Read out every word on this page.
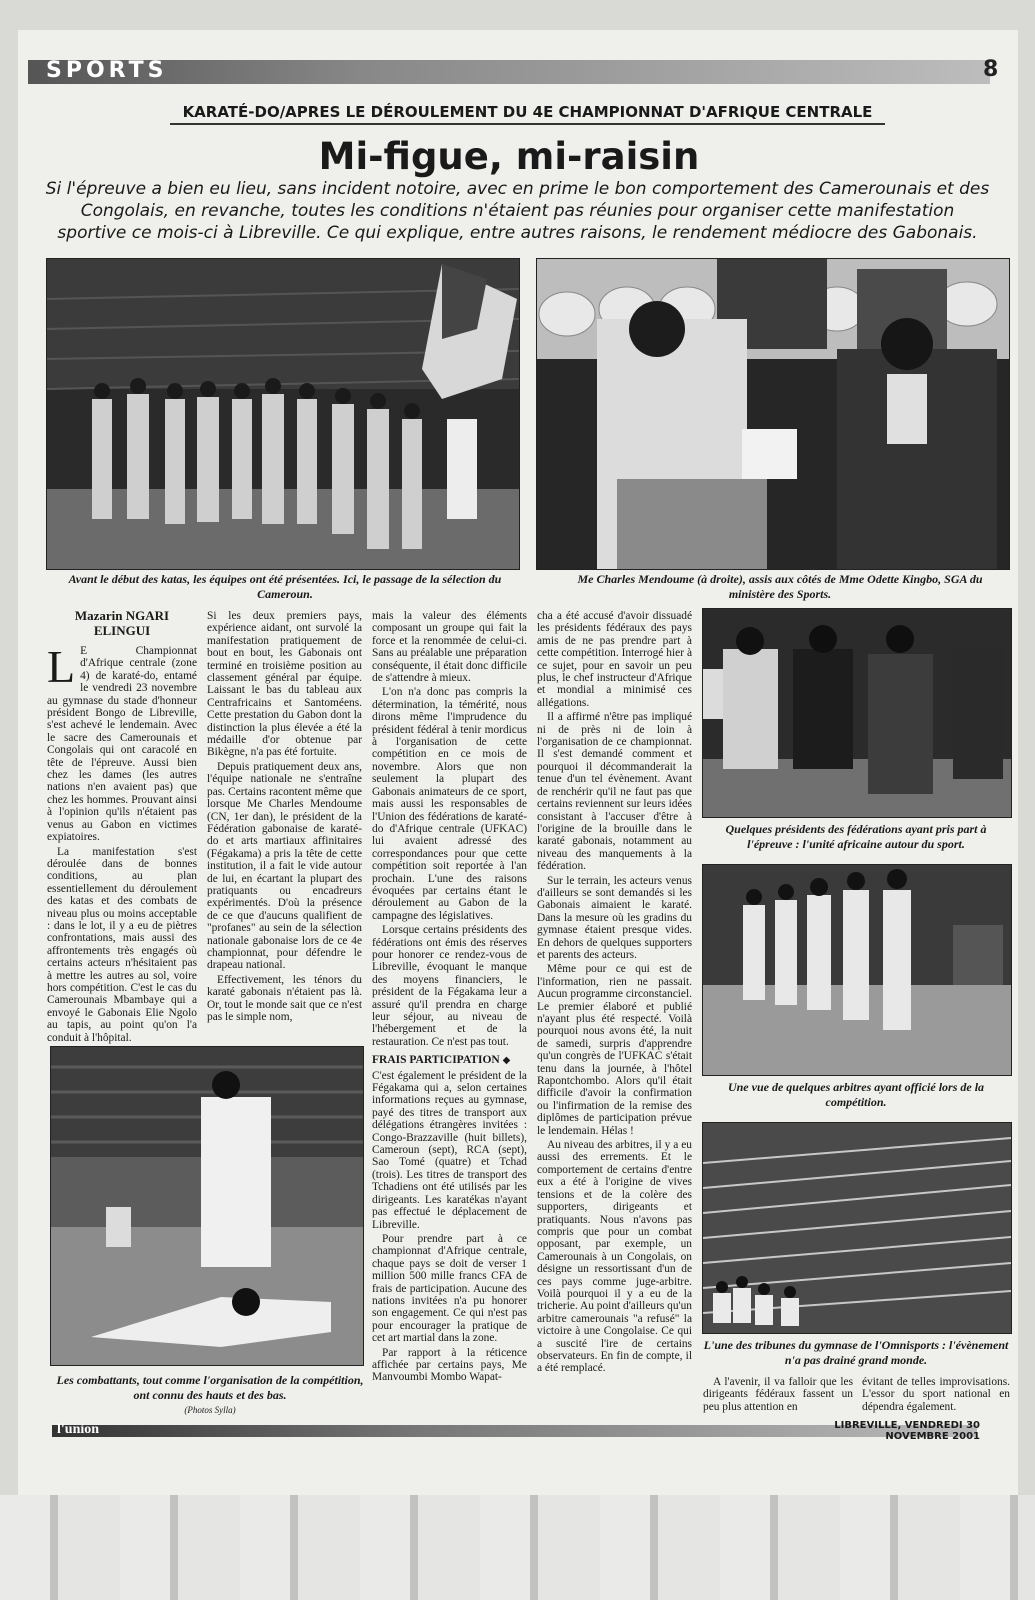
SPORTS	8
KARATÉ-DO/APRES LE DÉROULEMENT DU 4E CHAMPIONNAT D'AFRIQUE CENTRALE
Mi-figue, mi-raisin
Si l'épreuve a bien eu lieu, sans incident notoire, avec en prime le bon comportement des Camerounais et des Congolais, en revanche, toutes les conditions n'étaient pas réunies pour organiser cette manifestation sportive ce mois-ci à Libreville. Ce qui explique, entre autres raisons, le rendement médiocre des Gabonais.
Avant le début des katas, les équipes ont été présentées. Ici, le passage de la sélection du Cameroun.
Me Charles Mendoume (à droite), assis aux côtés de Mme Odette Kingbo, SGA du ministère des Sports.
Mazarin NGARI ELINGUI

L E Championnat d'Afrique centrale (zone 4) de karaté-do, entamé le vendredi 23 novembre au gymnase du stade d'honneur président Bongo de Libreville, s'est achevé le lendemain. Avec le sacre des Camerounais et Congolais qui ont caracolé en tête de l'épreuve. Aussi bien chez les dames (les autres nations n'en avaient pas) que chez les hommes. Prouvant ainsi à l'opinion qu'ils n'étaient pas venus au Gabon en victimes expiatoires.

La manifestation s'est déroulée dans de bonnes conditions, au plan essentiellement du déroulement des katas et des combats de niveau plus ou moins acceptable : dans le lot, il y a eu de piètres confrontations, mais aussi des affrontements très engagés où certains acteurs n'hésitaient pas à mettre les autres au sol, voire hors compétition. C'est le cas du Camerounais Mbambaye qui a envoyé le Gabonais Elie Ngolo au tapis, au point qu'on l'a conduit à l'hôpital.

Si les deux premiers pays, expérience aidant, ont survolé la manifestation pratiquement de bout en bout, les Gabonais ont terminé en troisième position au classement général par équipe. Laissant le bas du tableau aux Centrafricains et Santoméens. Cette prestation du Gabon dont la distinction la plus élevée a été la médaille d'or obtenue par Bikègne, n'a pas été fortuite.

Depuis pratiquement deux ans, l'équipe nationale ne s'entraîne pas. Certains racontent même que lorsque Me Charles Mendoume (CN, 1er dan), le président de la Fédération gabonaise de karaté-do et arts martiaux affinitaires (Fégakama) a pris la tête de cette institution, il a fait le vide autour de lui, en écartant la plupart des pratiquants ou encadreurs expérimentés. D'où la présence de ce que d'aucuns qualifient de "profanes" au sein de la sélection nationale gabonaise lors de ce 4e championnat, pour défendre le drapeau national.

Effectivement, les ténors du karaté gabonais n'étaient pas là. Or, tout le monde sait que ce n'est pas le simple nom,

mais la valeur des éléments composant un groupe qui fait la force et la renommée de celui-ci. Sans au préalable une préparation conséquente, il était donc difficile de s'attendre à mieux.

L'on n'a donc pas compris la détermination, la témérité, nous dirons même l'imprudence du président fédéral à tenir mordicus à l'organisation de cette compétition en ce mois de novembre. Alors que non seulement la plupart des Gabonais animateurs de ce sport, mais aussi les responsables de l'Union des fédérations de karaté-do d'Afrique centrale (UFKAC) lui avaient adressé des correspondances pour que cette compétition soit reportée à l'an prochain. L'une des raisons évoquées par certains étant le déroulement au Gabon de la campagne des législatives.

Lorsque certains présidents des fédérations ont émis des réserves pour honorer ce rendez-vous de Libreville, évoquant le manque des moyens financiers, le président de la Fégakama leur a assuré qu'il prendra en charge leur séjour, au niveau de l'hébergement et de la restauration. Ce n'est pas tout.

FRAIS PARTICIPATION ◆

C'est également le président de la Fégakama qui a, selon certaines informations reçues au gymnase, payé des titres de transport aux délégations étrangères invitées : Congo-Brazzaville (huit billets), Cameroun (sept), RCA (sept), Sao Tomé (quatre) et Tchad (trois). Les titres de transport des Tchadiens ont été utilisés par les dirigeants. Les karatékas n'ayant pas effectué le déplacement de Libreville.

Pour prendre part à ce championnat d'Afrique centrale, chaque pays se doit de verser 1 million 500 mille francs CFA de frais de participation. Aucune des nations invitées n'a pu honorer son engagement. Ce qui n'est pas pour encourager la pratique de cet art martial dans la zone.

Par rapport à la réticence affichée par certains pays, Me Manvoumbi Mombo Wapat-

cha a été accusé d'avoir dissuadé les présidents fédéraux des pays amis de ne pas prendre part à cette compétition. Interrogé hier à ce sujet, pour en savoir un peu plus, le chef instructeur d'Afrique et mondial a minimisé ces allégations.

Il a affirmé n'être pas impliqué ni de près ni de loin à l'organisation de ce championnat. Il s'est demandé comment et pourquoi il décommanderait la tenue d'un tel évènement. Avant de renchérir qu'il ne faut pas que certains reviennent sur leurs idées consistant à l'accuser d'être à l'origine de la brouille dans le karaté gabonais, notamment au niveau des manquements à la fédération.

Sur le terrain, les acteurs venus d'ailleurs se sont demandés si les Gabonais aimaient le karaté. Dans la mesure où les gradins du gymnase étaient presque vides. En dehors de quelques supporters et parents des acteurs.

Même pour ce qui est de l'information, rien ne passait. Aucun programme circonstanciel. Le premier élaboré et publié n'ayant plus été respecté. Voilà pourquoi nous avons été, la nuit de samedi, surpris d'apprendre qu'un congrès de l'UFKAC s'était tenu dans la journée, à l'hôtel Rapontchombo. Alors qu'il était difficile d'avoir la confirmation ou l'infirmation de la remise des diplômes de participation prévue le lendemain. Hélas !

Au niveau des arbitres, il y a eu aussi des errements. Et le comportement de certains d'entre eux a été à l'origine de vives tensions et de la colère des supporters, dirigeants et pratiquants. Nous n'avons pas compris que pour un combat opposant, par exemple, un Camerounais à un Congolais, on désigne un ressortissant d'un de ces pays comme juge-arbitre. Voilà pourquoi il y a eu de la tricherie. Au point d'ailleurs qu'un arbitre camerounais "a refusé" la victoire à une Congolaise. Ce qui a suscité l'ire de certains observateurs. En fin de compte, il a été remplacé.

Les combattants, tout comme l'organisation de la compétition, ont connu des hauts et des bas.
(Photos Sylla)
Quelques présidents des fédérations ayant pris part à l'épreuve : l'unité africaine autour du sport.
Une vue de quelques arbitres ayant officié lors de la compétition.
L'une des tribunes du gymnase de l'Omnisports : l'évènement n'a pas drainé grand monde.

A l'avenir, il va falloir que les dirigeants fédéraux fassent un peu plus attention en

évitant de telles improvisations. L'essor du sport national en dépendra également.

l'union	LIBREVILLE, VENDREDI 30 NOVEMBRE 2001
